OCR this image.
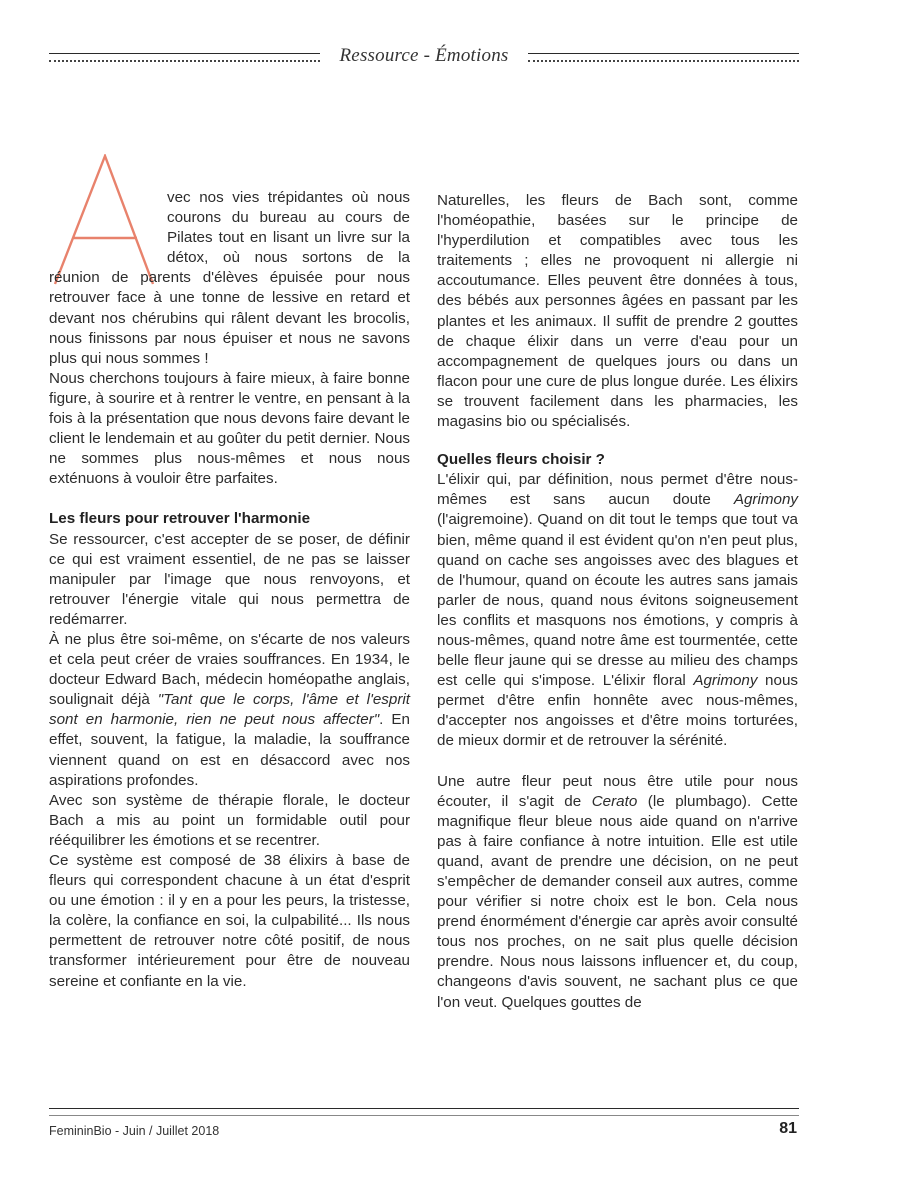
Ressource - Émotions

vec nos vies trépidantes où nous courons du bureau au cours de Pilates tout en lisant un livre sur la détox, où nous sortons de la réunion de parents d'élèves épuisée pour nous retrouver face à une tonne de lessive en retard et devant nos chérubins qui râlent devant les brocolis, nous finissons par nous épuiser et nous ne savons plus qui nous sommes !

Nous cherchons toujours à faire mieux, à faire bonne figure, à sourire et à rentrer le ventre, en pensant à la fois à la présentation que nous devons faire devant le client le lendemain et au goûter du petit dernier. Nous ne sommes plus nous-mêmes et nous nous exténuons à vouloir être parfaites.

Les fleurs pour retrouver l'harmonie

Se ressourcer, c'est accepter de se poser, de définir ce qui est vraiment essentiel, de ne pas se laisser manipuler par l'image que nous renvoyons, et retrouver l'énergie vitale qui nous permettra de redémarrer.

À ne plus être soi-même, on s'écarte de nos valeurs et cela peut créer de vraies souffrances. En 1934, le docteur Edward Bach, médecin homéopathe anglais, soulignait déjà "Tant que le corps, l'âme et l'esprit sont en harmonie, rien ne peut nous affecter". En effet, souvent, la fatigue, la maladie, la souffrance viennent quand on est en désaccord avec nos aspirations profondes.

Avec son système de thérapie florale, le docteur Bach a mis au point un formidable outil pour rééquilibrer les émotions et se recentrer.

Ce système est composé de 38 élixirs à base de fleurs qui correspondent chacune à un état d'esprit ou une émotion : il y en a pour les peurs, la tristesse, la colère, la confiance en soi, la culpabilité... Ils nous permettent de retrouver notre côté positif, de nous transformer intérieurement pour être de nouveau sereine et confiante en la vie.

Naturelles, les fleurs de Bach sont, comme l'homéopathie, basées sur le principe de l'hyperdilution et compatibles avec tous les traitements ; elles ne provoquent ni allergie ni accoutumance. Elles peuvent être données à tous, des bébés aux personnes âgées en passant par les plantes et les animaux. Il suffit de prendre 2 gouttes de chaque élixir dans un verre d'eau pour un accompagnement de quelques jours ou dans un flacon pour une cure de plus longue durée. Les élixirs se trouvent facilement dans les pharmacies, les magasins bio ou spécialisés.

Quelles fleurs choisir ?

L'élixir qui, par définition, nous permet d'être nous-mêmes est sans aucun doute Agrimony (l'aigremoine). Quand on dit tout le temps que tout va bien, même quand il est évident qu'on n'en peut plus, quand on cache ses angoisses avec des blagues et de l'humour, quand on écoute les autres sans jamais parler de nous, quand nous évitons soigneusement les conflits et masquons nos émotions, y compris à nous-mêmes, quand notre âme est tourmentée, cette belle fleur jaune qui se dresse au milieu des champs est celle qui s'impose. L'élixir floral Agrimony nous permet d'être enfin honnête avec nous-mêmes, d'accepter nos angoisses et d'être moins torturées, de mieux dormir et de retrouver la sérénité.

Une autre fleur peut nous être utile pour nous écouter, il s'agit de Cerato (le plumbago). Cette magnifique fleur bleue nous aide quand on n'arrive pas à faire confiance à notre intuition. Elle est utile quand, avant de prendre une décision, on ne peut s'empêcher de demander conseil aux autres, comme pour vérifier si notre choix est le bon. Cela nous prend énormément d'énergie car après avoir consulté tous nos proches, on ne sait plus quelle décision prendre. Nous nous laissons influencer et, du coup, changeons d'avis souvent, ne sachant plus ce que l'on veut. Quelques gouttes de

FemininBio - Juin / Juillet 2018	81
